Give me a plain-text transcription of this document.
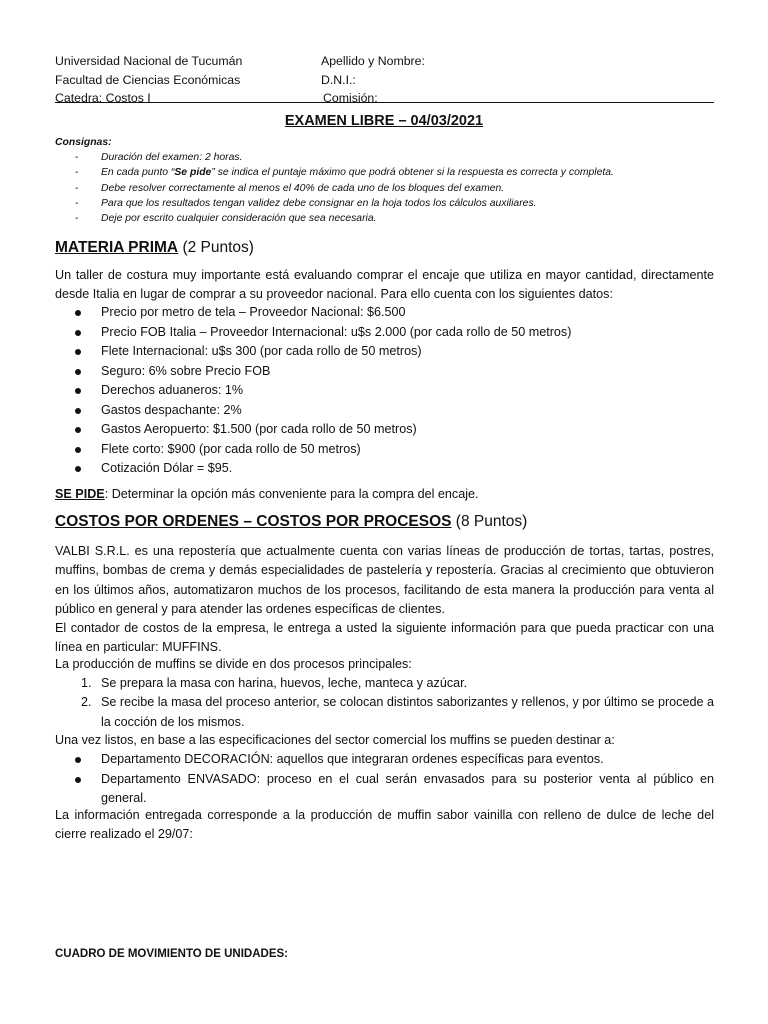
Universidad Nacional de Tucumán	Apellido y Nombre:
Facultad de Ciencias Económicas	D.N.I.:
Catedra: Costos I	Comisión:
EXAMEN LIBRE – 04/03/2021
Consignas:
- Duración del examen: 2 horas.
- En cada punto “Se pide” se indica el puntaje máximo que podrá obtener si la respuesta es correcta y completa.
- Debe resolver correctamente al menos el 40% de cada uno de los bloques del examen.
- Para que los resultados tengan validez debe consignar en la hoja todos los cálculos auxiliares.
- Deje por escrito cualquier consideración que sea necesaria.
MATERIA PRIMA (2 Puntos)
Un taller de costura muy importante está evaluando comprar el encaje que utiliza en mayor cantidad, directamente desde Italia en lugar de comprar a su proveedor nacional. Para ello cuenta con los siguientes datos:
Precio por metro de tela – Proveedor Nacional: $6.500
Precio FOB Italia – Proveedor Internacional: u$s 2.000 (por cada rollo de 50 metros)
Flete Internacional: u$s 300 (por cada rollo de 50 metros)
Seguro: 6% sobre Precio FOB
Derechos aduaneros: 1%
Gastos despachante: 2%
Gastos Aeropuerto: $1.500 (por cada rollo de 50 metros)
Flete corto: $900 (por cada rollo de 50 metros)
Cotización Dólar = $95.
SE PIDE: Determinar la opción más conveniente para la compra del encaje.
COSTOS POR ORDENES – COSTOS POR PROCESOS (8 Puntos)
VALBI S.R.L. es una repostería que actualmente cuenta con varias líneas de producción de tortas, tartas, postres, muffins, bombas de crema y demás especialidades de pastelería y repostería. Gracias al crecimiento que obtuvieron en los últimos años, automatizaron muchos de los procesos, facilitando de esta manera la producción para venta al público en general y para atender las ordenes específicas de clientes.
El contador de costos de la empresa, le entrega a usted la siguiente información para que pueda practicar con una línea en particular: MUFFINS.
La producción de muffins se divide en dos procesos principales:
1. Se prepara la masa con harina, huevos, leche, manteca y azúcar.
2. Se recibe la masa del proceso anterior, se colocan distintos saborizantes y rellenos, y por último se procede a la cocción de los mismos.
Una vez listos, en base a las especificaciones del sector comercial los muffins se pueden destinar a:
Departamento DECORACIÓN: aquellos que integraran ordenes específicas para eventos.
Departamento ENVASADO: proceso en el cual serán envasados para su posterior venta al público en general.
La información entregada corresponde a la producción de muffin sabor vainilla con relleno de dulce de leche del cierre realizado el 29/07:
CUADRO DE MOVIMIENTO DE UNIDADES:
